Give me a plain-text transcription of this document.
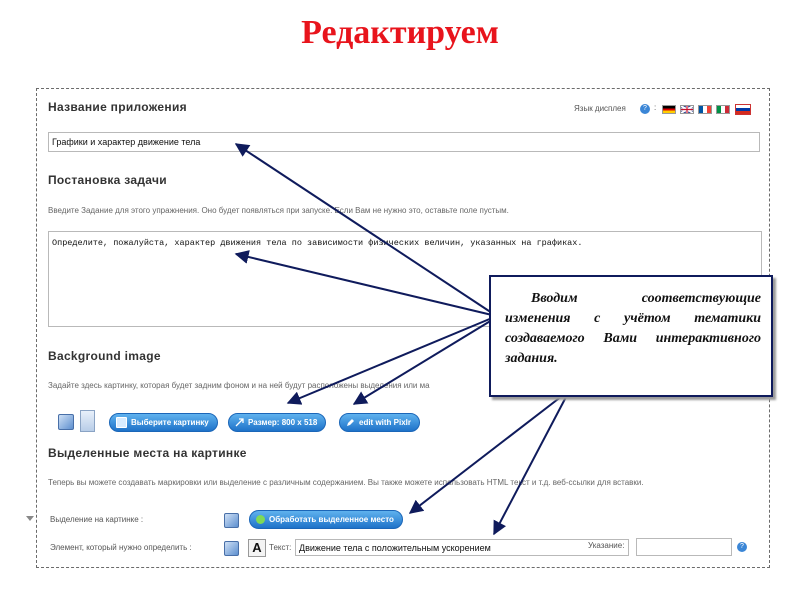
Редактируем
Название приложения	Язык дисплея	? :
Графики и характер движение тела
Постановка задачи
Введите Задание для этого упражнения. Оно будет появляться при запуске. Если Вам не нужно это, оставьте поле пустым.
Определите, пожалуйста, характер движения тела по зависимости физических величин, указанных на графиках.
Background image
Задайте здесь картинку, которая будет задним фоном и на ней будут расположены выделения или ма
Выберите картинку	Размер: 800 x 518	edit with Pixlr
Выделенные места на картинке
Теперь вы можете создавать маркировки или выделение с различным содержанием. Вы также можете использовать HTML текст и т.д. веб-ссылки для вставки.
Выделение на картинке :	Обработать выделенное место
Элемент, который нужно определить :	A Текст: Движение тела с положительным ускорением	Указание:	?
Вводим соответствующие изменения с учётом тематики создаваемого Вами интерактивного задания.
